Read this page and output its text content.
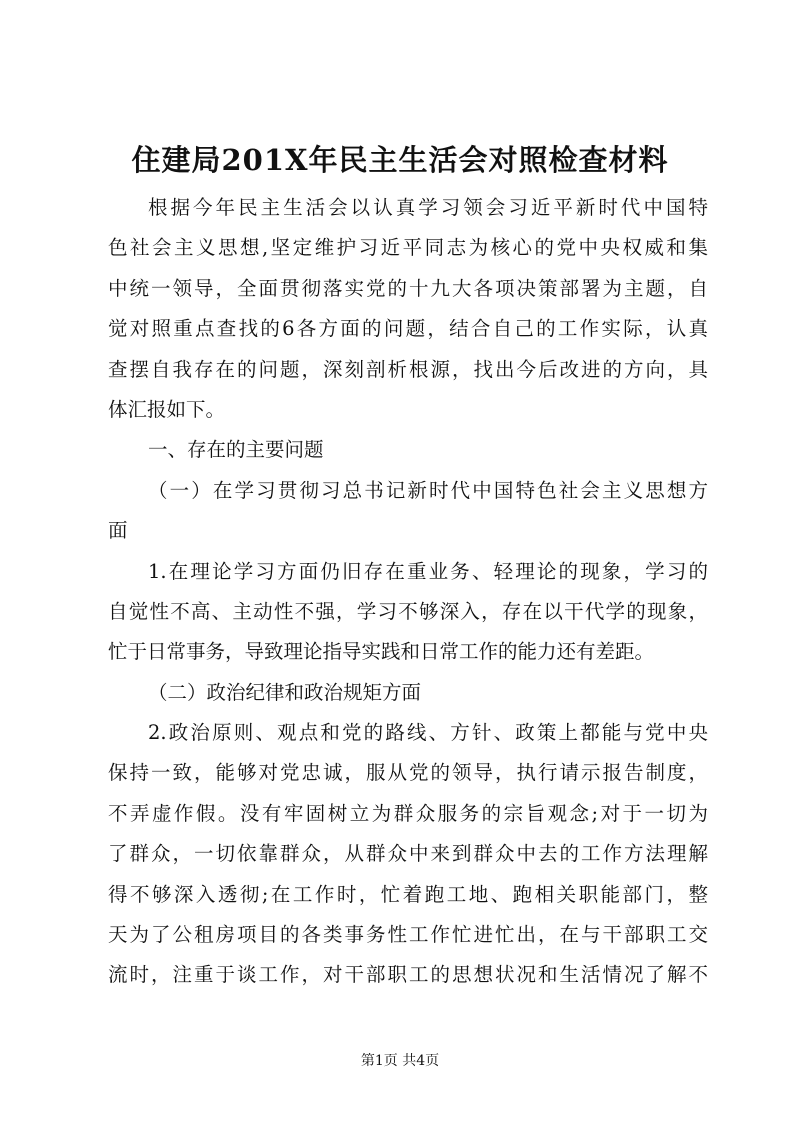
住建局201X年民主生活会对照检查材料
根据今年民主生活会以认真学习领会习近平新时代中国特
色社会主义思想,坚定维护习近平同志为核心的党中央权威和集
中统一领导，全面贯彻落实党的十九大各项决策部署为主题，自
觉对照重点查找的6各方面的问题，结合自己的工作实际，认真
查摆自我存在的问题，深刻剖析根源，找出今后改进的方向，具
体汇报如下。
一、存在的主要问题
（一）在学习贯彻习总书记新时代中国特色社会主义思想方
面
1.在理论学习方面仍旧存在重业务、轻理论的现象，学习的
自觉性不高、主动性不强，学习不够深入，存在以干代学的现象，
忙于日常事务，导致理论指导实践和日常工作的能力还有差距。
（二）政治纪律和政治规矩方面
2.政治原则、观点和党的路线、方针、政策上都能与党中央
保持一致，能够对党忠诚，服从党的领导，执行请示报告制度，
不弄虚作假。没有牢固树立为群众服务的宗旨观念;对于一切为
了群众，一切依靠群众，从群众中来到群众中去的工作方法理解
得不够深入透彻;在工作时，忙着跑工地、跑相关职能部门，整
天为了公租房项目的各类事务性工作忙进忙出，在与干部职工交
流时，注重于谈工作，对干部职工的思想状况和生活情况了解不
第1页 共4页
